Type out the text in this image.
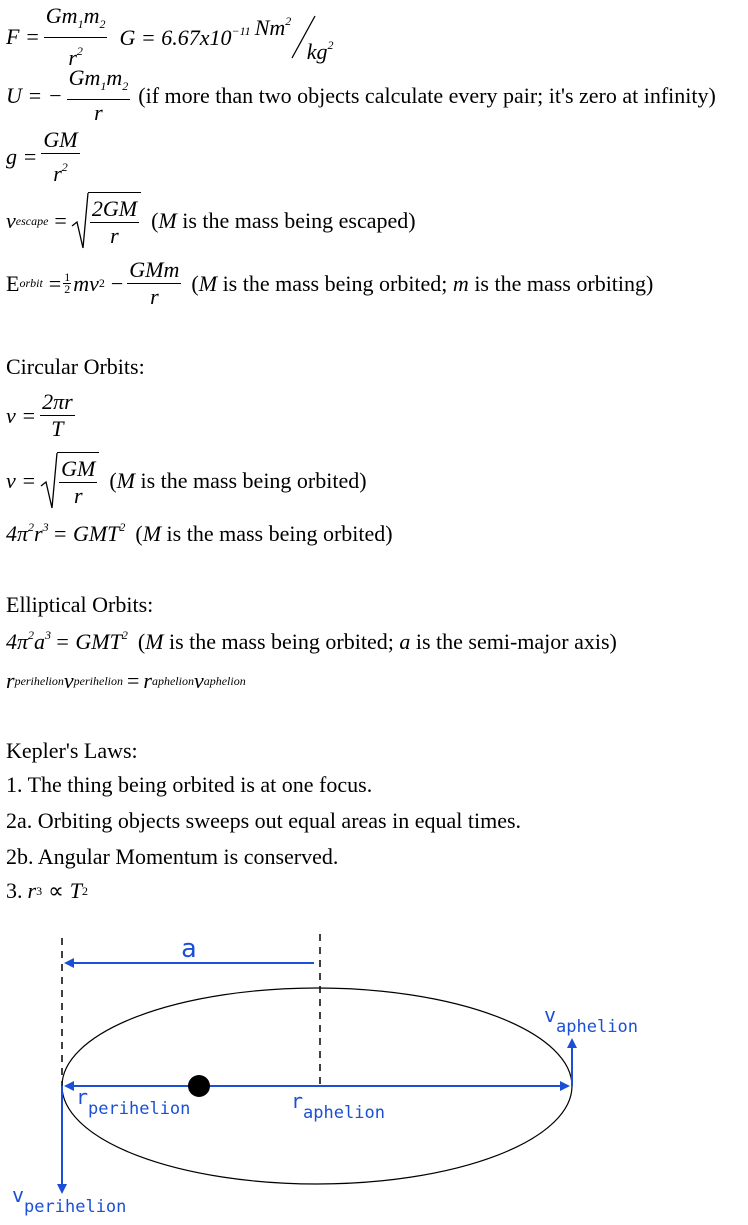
$F = \frac{Gm_1m_2}{r^2}$ $G = 6.67x10^{-11}$ Nm$^2$
$kg^2$
U = − $\frac{Gm_1m_2}{r} (if$ more than two objects calculate every pair; it's zero at infinity)
$g = \frac{GM}{r^2}$
v escape = $\frac{2GM}{r} (M$ is the mass being escaped)
E orbit = $\frac{1}{2}$ mv $2 - \frac{\text{GMm}}{r} (M$ is the mass being orbited; m is the mass orbiting)
Circular Orbits:
$v = \frac{2\pi r}{T}$
$v = \frac{GM}{r} (M$ is the mass being orbited)
$4\pi^2r^3 = GMT^2$ (M is the mass being orbited)
Elliptical Orbits:
$4\pi^2a^3 = GMT^2$ (M is the mass being orbited; a is the semi-major axis)
r perihelion v perihelion = r aphelion v aphelion
Kepler's Laws:
1. The thing being orbited is at one focus.
2a. Orbiting objects sweeps out equal areas in equal times.
2b. Angular Momentum is conserved.
3. r 3 ∝ T 2
a
$v_{aphelion}$
$r_{perihelion}$	$r_{aphelion}$
$v_{perihelion}$
